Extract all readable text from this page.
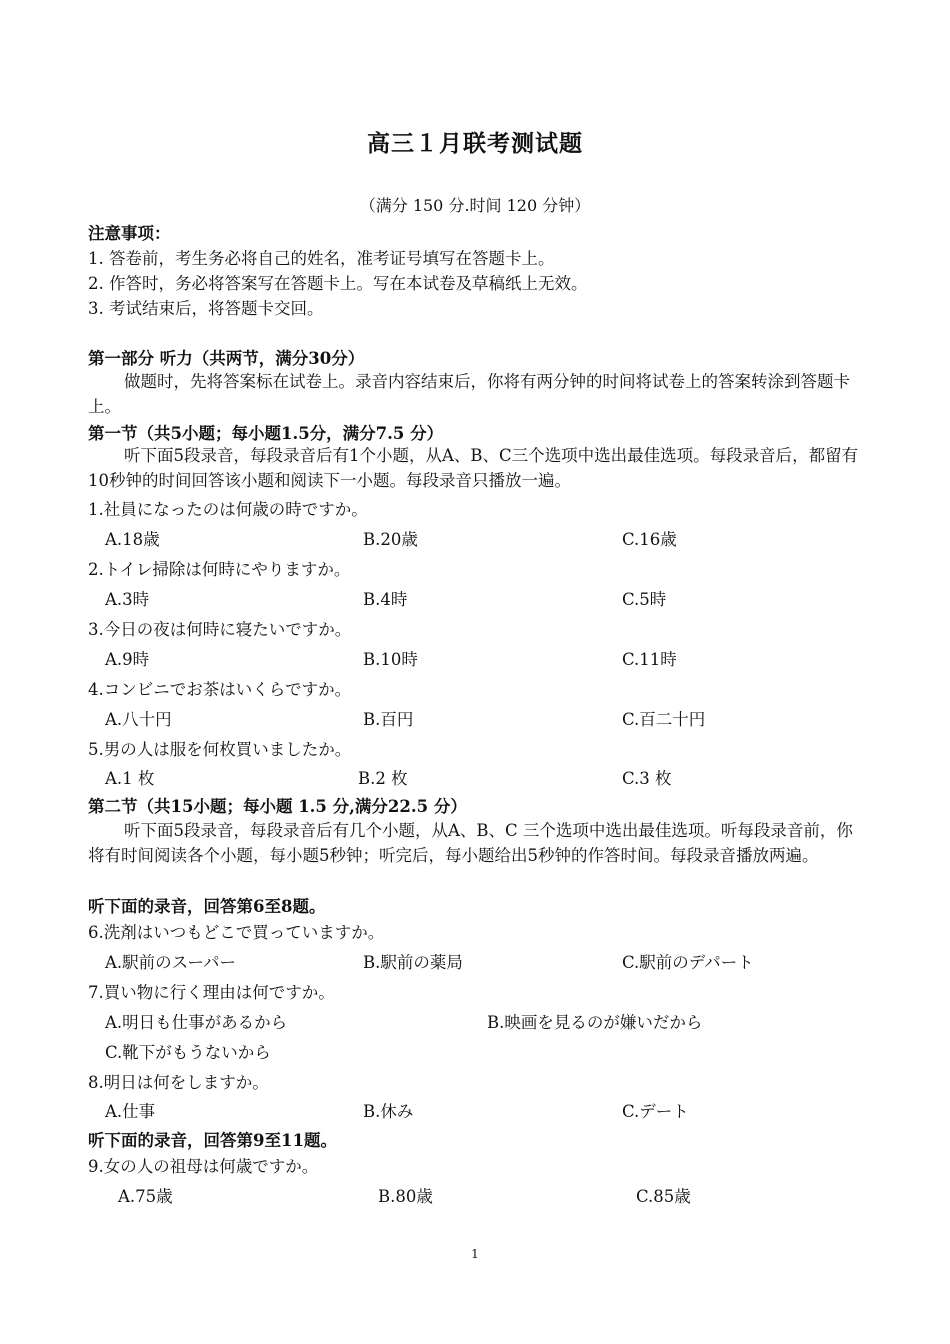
高三１月联考测试题
（满分 150 分.时间 120 分钟）
注意事项：
1. 答卷前，考生务必将自己的姓名，准考证号填写在答题卡上。
2. 作答时，务必将答案写在答题卡上。写在本试卷及草稿纸上无效。
3. 考试结束后，将答题卡交回。
第一部分 听力（共两节，满分30分）
做题时，先将答案标在试卷上。录音内容结束后，你将有两分钟的时间将试卷上的答案转涂到答题卡上。
第一节（共5小题；每小题1.5分，满分7.5 分）
听下面5段录音，每段录音后有1个小题，从A、B、C三个选项中选出最佳选项。每段录音后，都留有10秒钟的时间回答该小题和阅读下一小题。每段录音只播放一遍。
1.社員になったのは何歳の時ですか。
A.18歳	B.20歳	C.16歳
2.トイレ掃除は何時にやりますか。
A.3時	B.4時	C.5時
3.今日の夜は何時に寝たいですか。
A.9時	B.10時	C.11時
4.コンビニでお茶はいくらですか。
A.八十円	B.百円	C.百二十円
5.男の人は服を何枚買いましたか。
A.1 枚	B.2 枚	C.3 枚
第二节（共15小题；每小题 1.5 分,满分22.5 分）
听下面5段录音，每段录音后有几个小题，从A、B、C 三个选项中选出最佳选项。听每段录音前，你将有时间阅读各个小题，每小题5秒钟；听完后，每小题给出5秒钟的作答时间。每段录音播放两遍。
听下面的录音，回答第6至8题。
6.洗剤はいつもどこで買っていますか。
A.駅前のスーパー	B.駅前の薬局	C.駅前のデパート
7.買い物に行く理由は何ですか。
A.明日も仕事があるから	B.映画を見るのが嫌いだから
C.靴下がもうないから
8.明日は何をしますか。
A.仕事	B.休み	C.デート
听下面的录音，回答第9至11题。
9.女の人の祖母は何歳ですか。
A.75歳	B.80歳	C.85歳
1
